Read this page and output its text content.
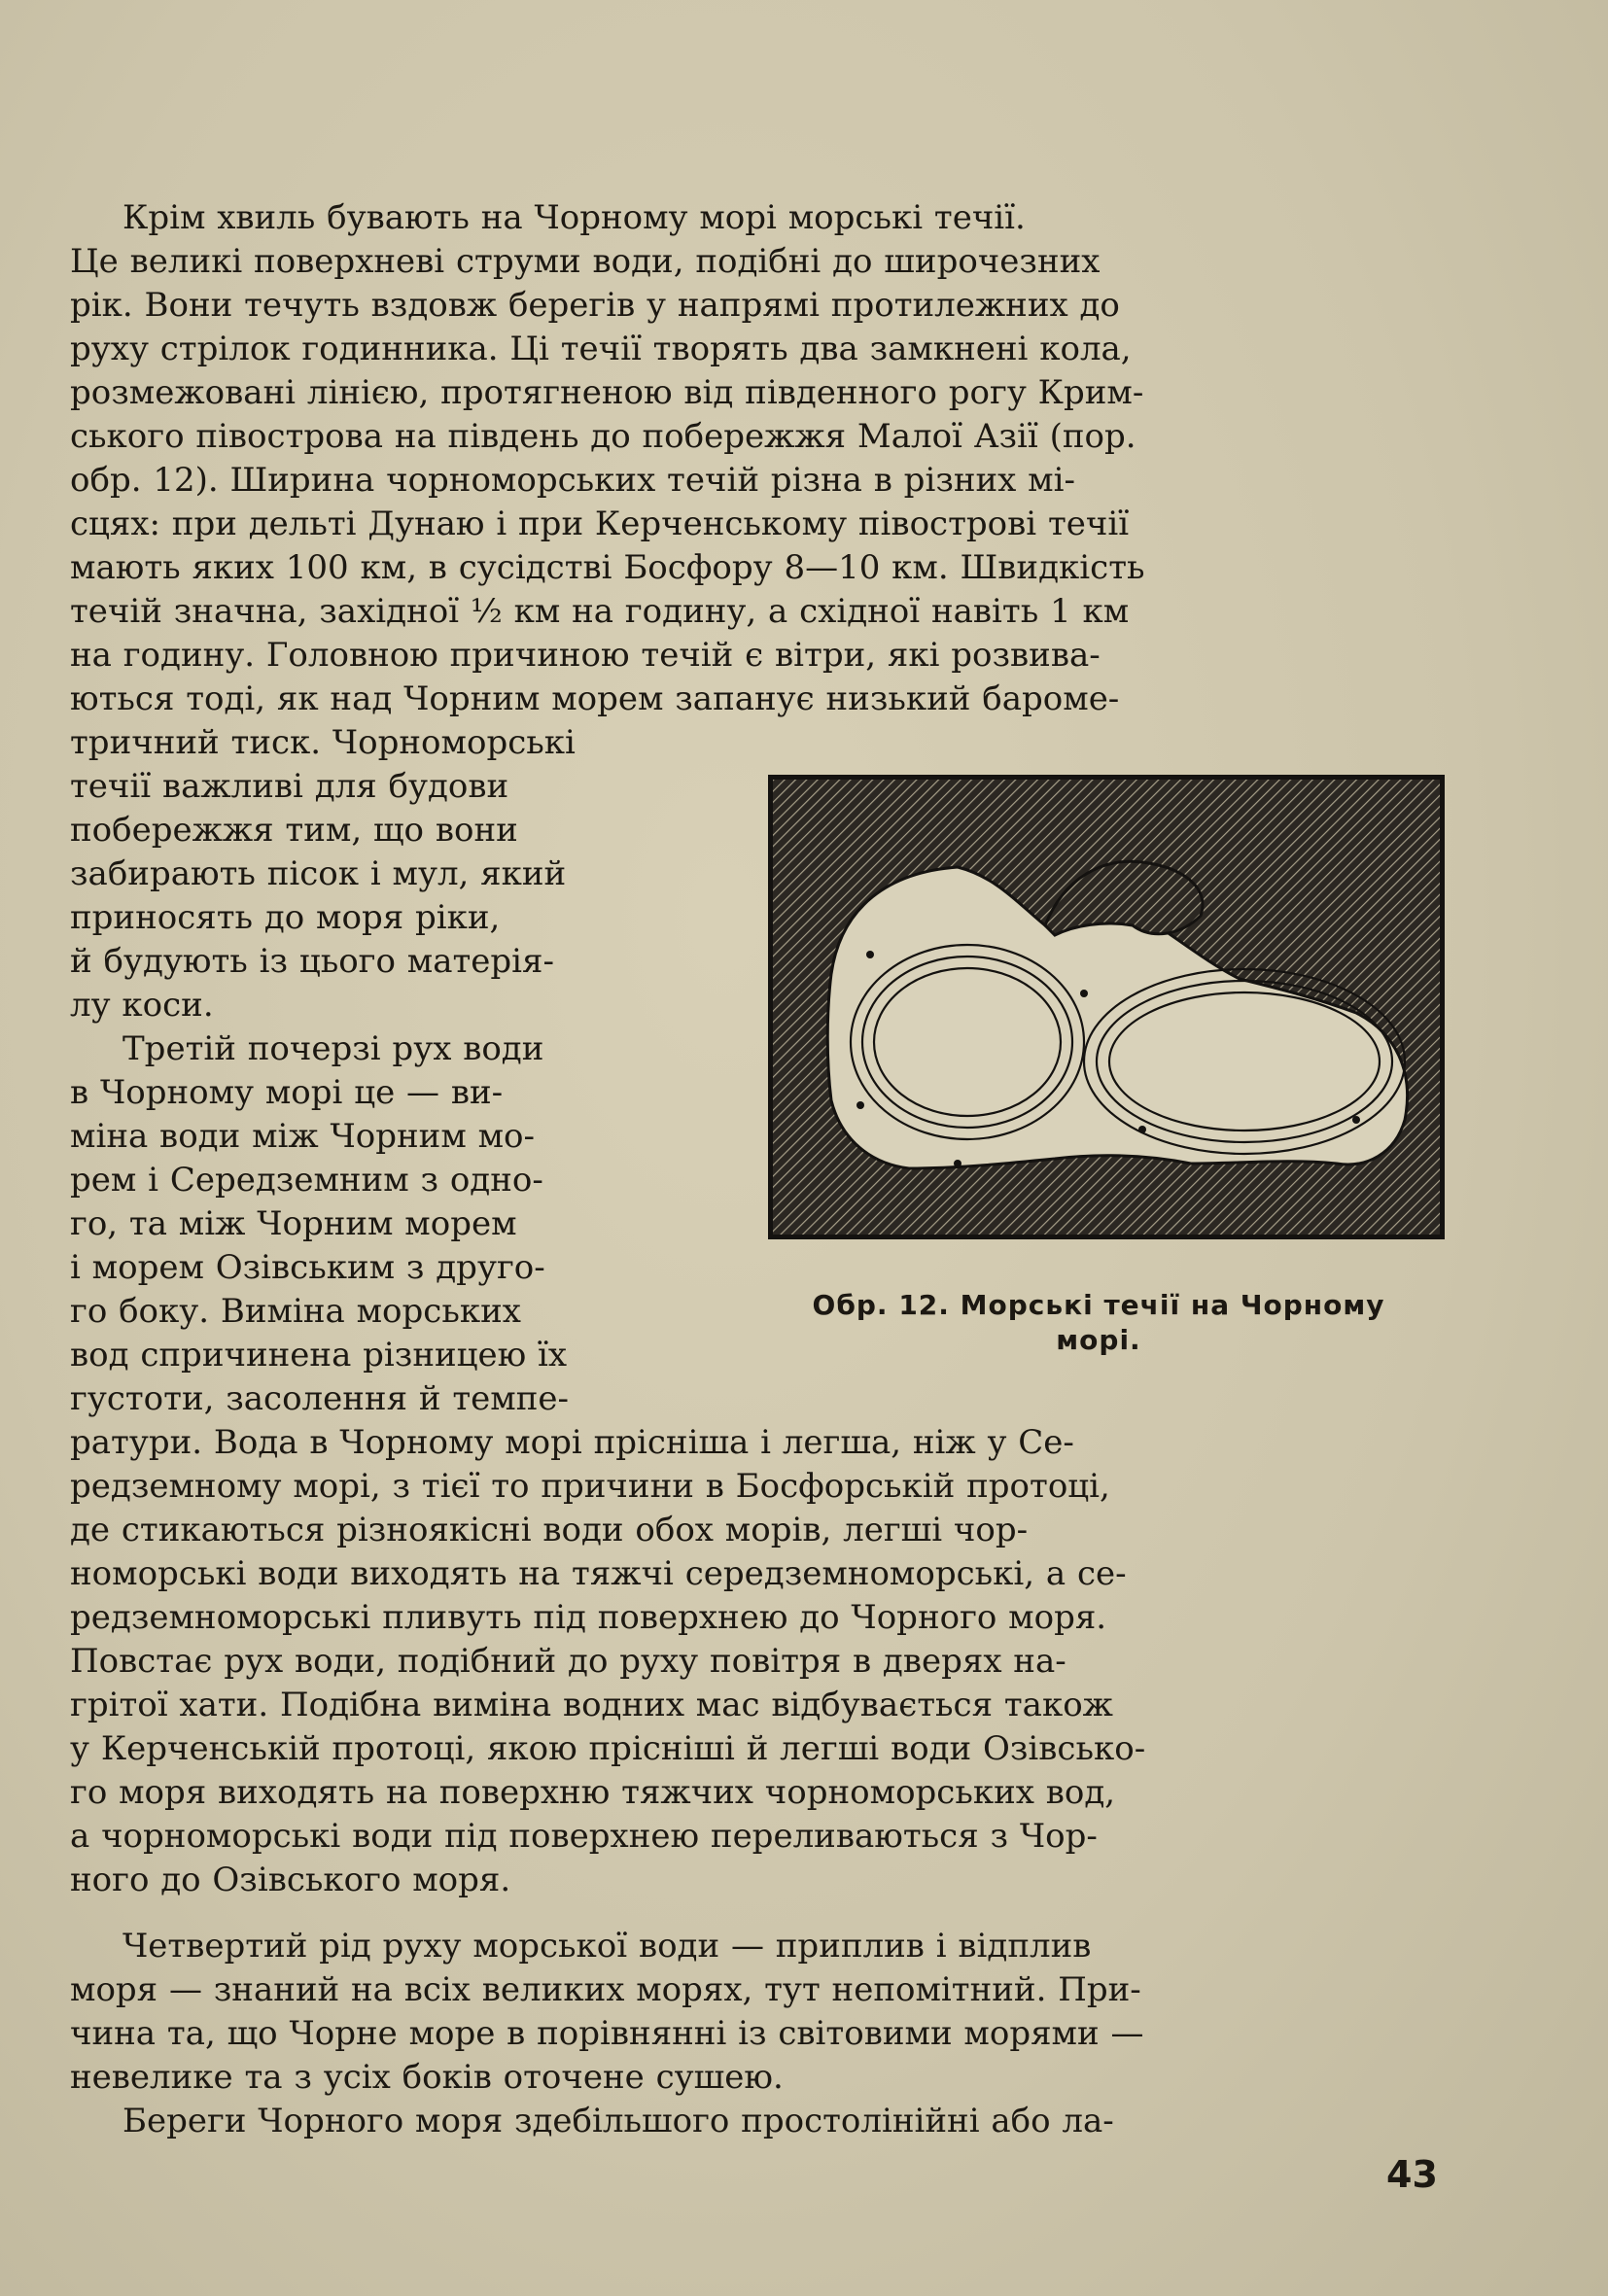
Крім хвиль бувають на Чорному морі морські течії.
Це великі поверхневі струми води, подібні до широчезних
рік. Вони течуть вздовж берегів у напрямі протилежних до
руху стрілок годинника. Ці течії творять два замкнені кола,
розмежовані лінією, протягненою від південного рогу Крим-
ського півострова на південь до побережжя Малої Азії (пор.
обр. 12). Ширина чорноморських течій різна в різних мі-
сцях: при дельті Дунаю і при Керченському півострові течії
мають яких 100 км, в сусідстві Босфору 8—10 км. Швидкість
течій значна, західної ½ км на годину, а східної навіть 1 км
на годину. Головною причиною течій є вітри, які розвива-
ються тоді, як над Чорним морем запанує низький бароме-

тричний тиск. Чорноморські
течії важливі для будови
побережжя тим, що вони
забирають пісок і мул, який
приносять до моря ріки,
й будують із цього матерія-
лу коси.

Третій почерзі рух води
в Чорному морі це — ви-
міна води між Чорним мо-
рем і Середземним з одно-
го, та між Чорним морем
і морем Озівським з друго-
го боку. Виміна морських
вод спричинена різницею їх
густоти, засолення й темпе-

Обр. 12. Морські течії на Чорному
морі.

ратури. Вода в Чорному морі прісніша і легша, ніж у Се-
редземному морі, з тієї то причини в Босфорській протоці,
де стикаються різноякісні води обох морів, легші чор-
номорські води виходять на тяжчі середземноморські, а се-
редземноморські пливуть під поверхнею до Чорного моря.
Повстає рух води, подібний до руху повітря в дверях на-
грітої хати. Подібна виміна водних мас відбувається також
у Керченській протоці, якою прісніші й легші води Озівсько-
го моря виходять на поверхню тяжчих чорноморських вод,
а чорноморські води під поверхнею переливаються з Чор-
ного до Озівського моря.

Четвертий рід руху морської води — приплив і відплив
моря — знаний на всіх великих морях, тут непомітний. При-
чина та, що Чорне море в порівнянні із світовими морями —
невелике та з усіх боків оточене сушею.

Береги Чорного моря здебільшого простолінійні або ла-

43
